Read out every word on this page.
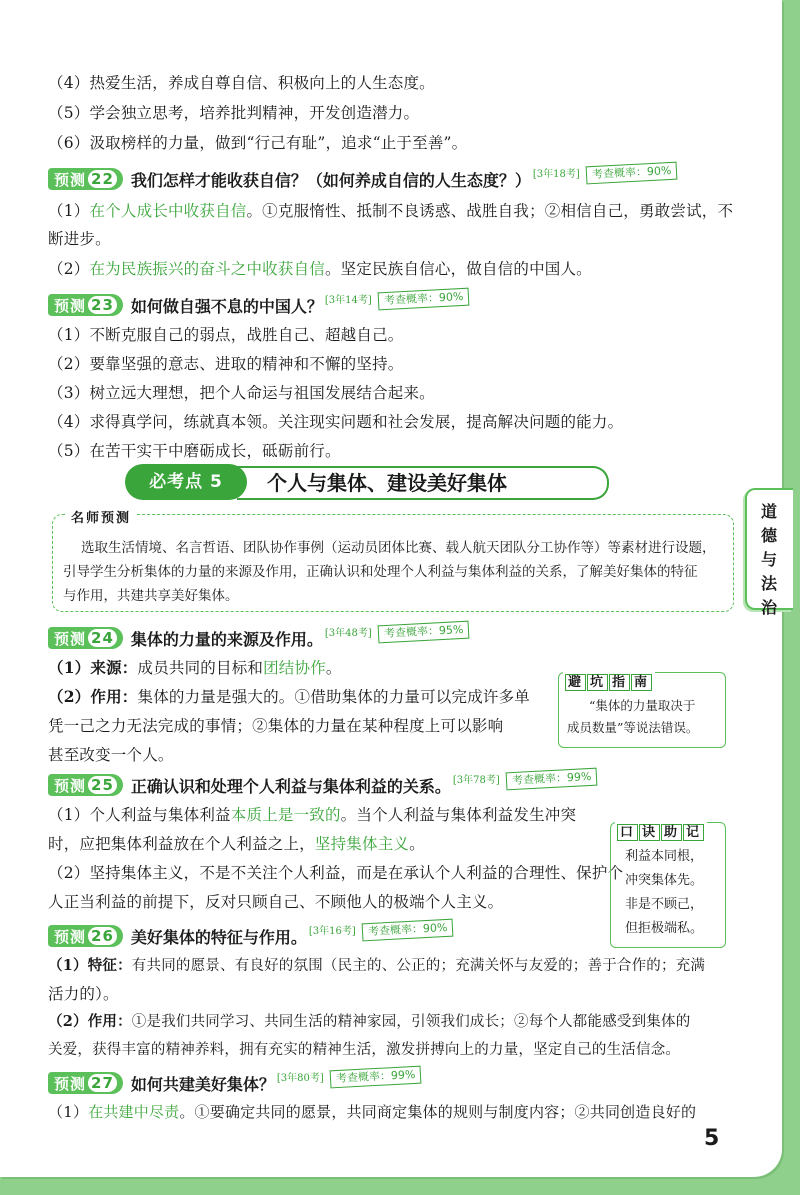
（4）热爱生活，养成自尊自信、积极向上的人生态度。
（5）学会独立思考，培养批判精神，开发创造潜力。
（6）汲取榜样的力量，做到“行己有耻”，追求“止于至善”。
预测 22 我们怎样才能收获自信？（如何养成自信的人生态度？） [3年18考]	考查概率：90%
（1）在个人成长中收获自信。①克服惰性、抵制不良诱惑、战胜自我；②相信自己，勇敢尝试，不
断进步。
（2）在为民族振兴的奋斗之中收获自信。坚定民族自信心，做自信的中国人。
预测 23 如何做自强不息的中国人？ [3年14考]	考查概率：90%
（1）不断克服自己的弱点，战胜自己、超越自己。
（2）要靠坚强的意志、进取的精神和不懈的坚持。
（3）树立远大理想，把个人命运与祖国发展结合起来。
（4）求得真学问，练就真本领。关注现实问题和社会发展，提高解决问题的能力。
（5）在苦干实干中磨砺成长，砥砺前行。
个人与集体、建设美好集体
必考点 5
名师预测
选取生活情境、名言哲语、团队协作事例（运动员团体比赛、载人航天团队分工协作等）等素材进行设题，
引导学生分析集体的力量的来源及作用，正确认识和处理个人利益与集体利益的关系，了解美好集体的特征
与作用，共建共享美好集体。
预测 24 集体的力量的来源及作用。 [3年48考]	考查概率：95%
（1）来源：成员共同的目标和团结协作。
（2）作用：集体的力量是强大的。①借助集体的力量可以完成许多单
凭一己之力无法完成的事情；②集体的力量在某种程度上可以影响
甚至改变一个人。
预测 25 正确认识和处理个人利益与集体利益的关系。 [3年78考]	考查概率：99%
（1）个人利益与集体利益本质上是一致的。当个人利益与集体利益发生冲突
时，应把集体利益放在个人利益之上，坚持集体主义。
（2）坚持集体主义，不是不关注个人利益，而是在承认个人利益的合理性、保护个
人正当利益的前提下，反对只顾自己、不顾他人的极端个人主义。
预测 26 美好集体的特征与作用。 [3年16考]	考查概率：90%
（1）特征：有共同的愿景、有良好的氛围（民主的、公正的；充满关怀与友爱的；善于合作的；充满
活力的）。
（2）作用：①是我们共同学习、共同生活的精神家园，引领我们成长；②每个人都能感受到集体的
关爱，获得丰富的精神养料，拥有充实的精神生活，激发拼搏向上的力量，坚定自己的生活信念。
预测 27 如何共建美好集体？ [3年80考]	考查概率：99%
（1）在共建中尽责。①要确定共同的愿景，共同商定集体的规则与制度内容；②共同创造良好的
避 坑 指 南
“集体的力量取决于
成员数量”等说法错误。
口 诀 助 记
利益本同根，
冲突集体先。
非是不顾己，
但拒极端私。
道德与法治
5
